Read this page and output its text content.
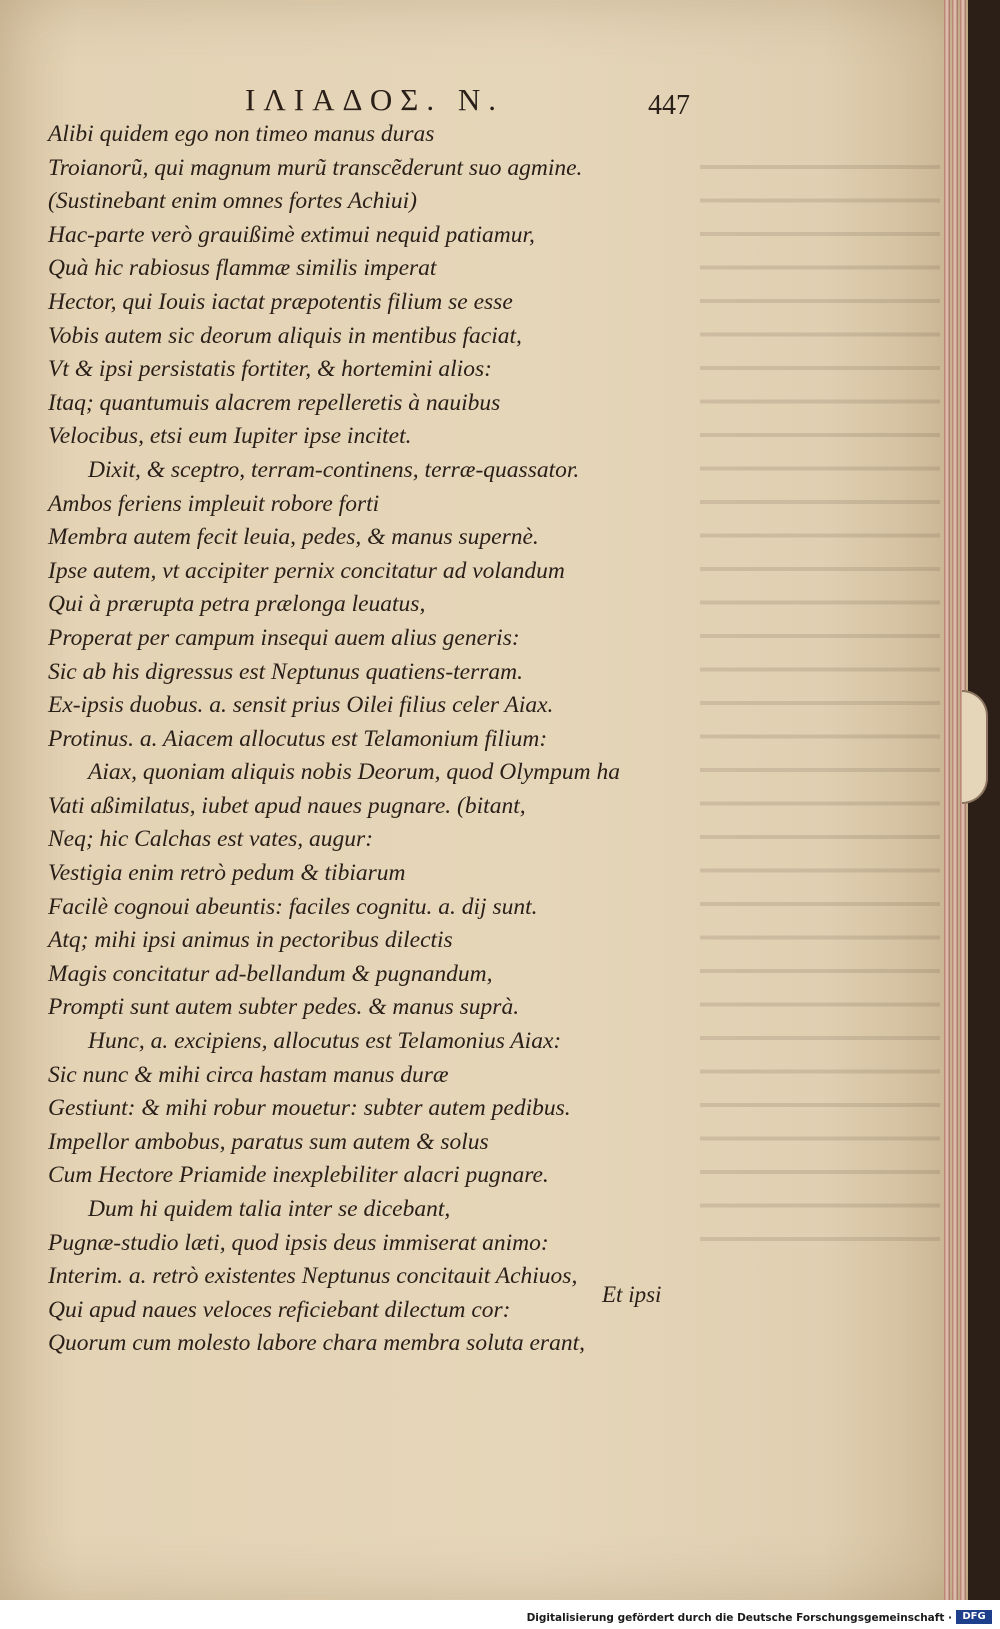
ΙΛΙΑΔΟΣ. Ν.	447
Alibi quidem ego non timeo manus duras
Troianorũ, qui magnum murũ transcẽderunt suo agmine.
(Sustinebant enim omnes fortes Achiui)
Hac-parte verò grauißimè extimui nequid patiamur,
Quà hic rabiosus flammæ similis imperat
Hector, qui Iouis iactat præpotentis filium se esse
Vobis autem sic deorum aliquis in mentibus faciat,
Vt & ipsi persistatis fortiter, & hortemini alios:
Itaq; quantumuis alacrem repelleretis à nauibus
Velocibus, etsi eum Iupiter ipse incitet.
Dixit, & sceptro, terram-continens, terræ-quassator.
Ambos feriens impleuit robore forti
Membra autem fecit leuia, pedes, & manus supernè.
Ipse autem, vt accipiter pernix concitatur ad volandum
Qui à prærupta petra prælonga leuatus,
Properat per campum insequi auem alius generis:
Sic ab his digressus est Neptunus quatiens-terram.
Ex-ipsis duobus. a. sensit prius Oilei filius celer Aiax.
Protinus. a. Aiacem allocutus est Telamonium filium:
Aiax, quoniam aliquis nobis Deorum, quod Olympum ha
Vati aßimilatus, iubet apud naues pugnare. (bitant,
Neq; hic Calchas est vates, augur:
Vestigia enim retrò pedum & tibiarum
Facilè cognoui abeuntis: faciles cognitu. a. dij sunt.
Atq; mihi ipsi animus in pectoribus dilectis
Magis concitatur ad-bellandum & pugnandum,
Prompti sunt autem subter pedes. & manus suprà.
Hunc, a. excipiens, allocutus est Telamonius Aiax:
Sic nunc & mihi circa hastam manus duræ
Gestiunt: & mihi robur mouetur: subter autem pedibus.
Impellor ambobus, paratus sum autem & solus
Cum Hectore Priamide inexplebiliter alacri pugnare.
Dum hi quidem talia inter se dicebant,
Pugnæ-studio læti, quod ipsis deus immiserat animo:
Interim. a. retrò existentes Neptunus concitauit Achiuos,
Qui apud naues veloces reficiebant dilectum cor:
Quorum cum molesto labore chara membra soluta erant,
Et ipsi
Digitalisierung gefördert durch die Deutsche Forschungsgemeinschaft ·	DFG
